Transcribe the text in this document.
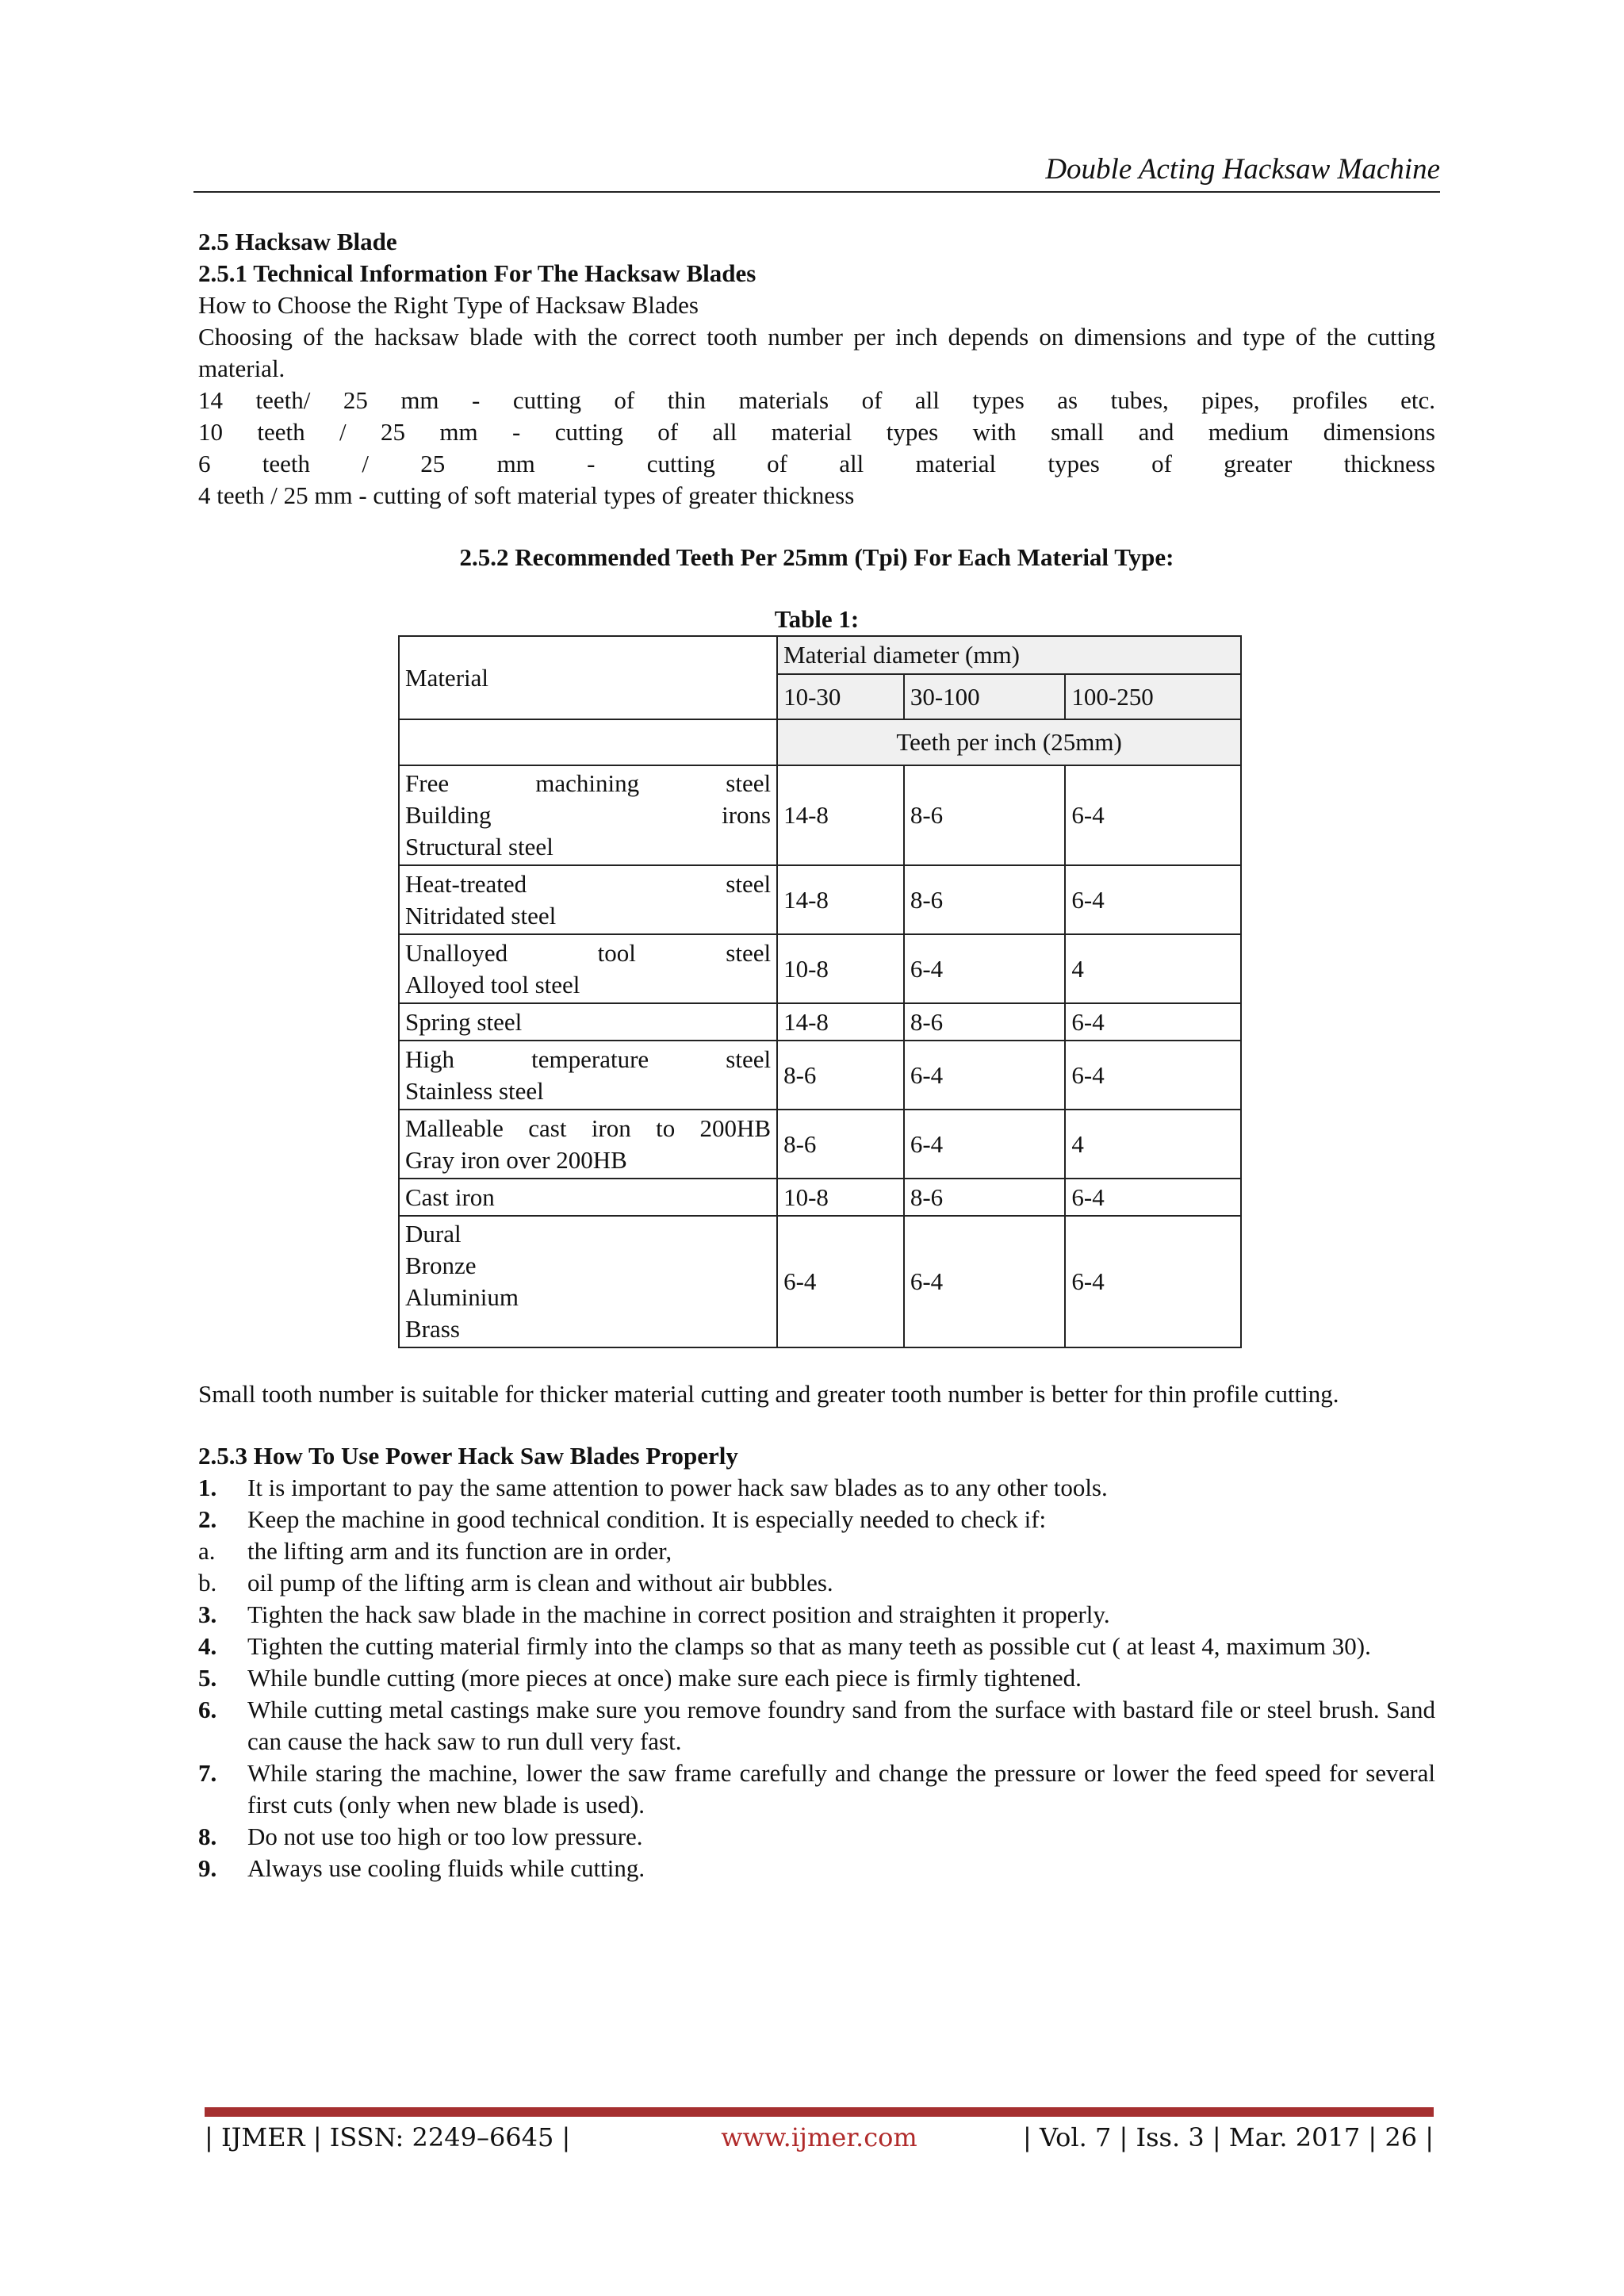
Double Acting Hacksaw Machine

2.5 Hacksaw Blade

2.5.1 Technical Information For The Hacksaw Blades

How to Choose the Right Type of Hacksaw Blades

Choosing of the hacksaw blade with the correct tooth number per inch depends on dimensions and type of the cutting material.

14 teeth/ 25 mm - cutting of thin materials of all types as tubes, pipes, profiles etc.

10 teeth / 25 mm - cutting of all material types with small and medium dimensions

6 teeth / 25 mm - cutting of all material types of greater thickness

4 teeth / 25 mm - cutting of soft material types of greater thickness

2.5.2 Recommended Teeth Per 25mm (Tpi) For Each Material Type:

Table 1:

Material	Material diameter (mm)		
	10-30	30-100	100-250
	Teeth per inch (25mm)		

Free machining steel
Building irons
Structural steel	14-8	8-6	6-4

Heat-treated steel
Nitridated steel	14-8	8-6	6-4

Unalloyed tool steel
Alloyed tool steel	10-8	6-4	4

Spring steel	14-8	8-6	6-4

High temperature steel
Stainless steel	8-6	6-4	6-4

Malleable cast iron to 200HB
Gray iron over 200HB	8-6	6-4	4

Cast iron	10-8	8-6	6-4

Dural
Bronze
Aluminium
Brass	6-4	6-4	6-4

Small tooth number is suitable for thicker material cutting and greater tooth number is better for thin profile cutting.

2.5.3 How To Use Power Hack Saw Blades Properly

1. It is important to pay the same attention to power hack saw blades as to any other tools.
2. Keep the machine in good technical condition. It is especially needed to check if:
a. the lifting arm and its function are in order,
b. oil pump of the lifting arm is clean and without air bubbles.
3. Tighten the hack saw blade in the machine in correct position and straighten it properly.
4. Tighten the cutting material firmly into the clamps so that as many teeth as possible cut ( at least 4, maximum 30).
5. While bundle cutting (more pieces at once) make sure each piece is firmly tightened.
6. While cutting metal castings make sure you remove foundry sand from the surface with bastard file or steel brush. Sand can cause the hack saw to run dull very fast.
7. While staring the machine, lower the saw frame carefully and change the pressure or lower the feed speed for several first cuts (only when new blade is used).
8. Do not use too high or too low pressure.
9. Always use cooling fluids while cutting.
| IJMER | ISSN: 2249–6645 |	www.ijmer.com	| Vol. 7 | Iss. 3 | Mar. 2017 | 26 |
